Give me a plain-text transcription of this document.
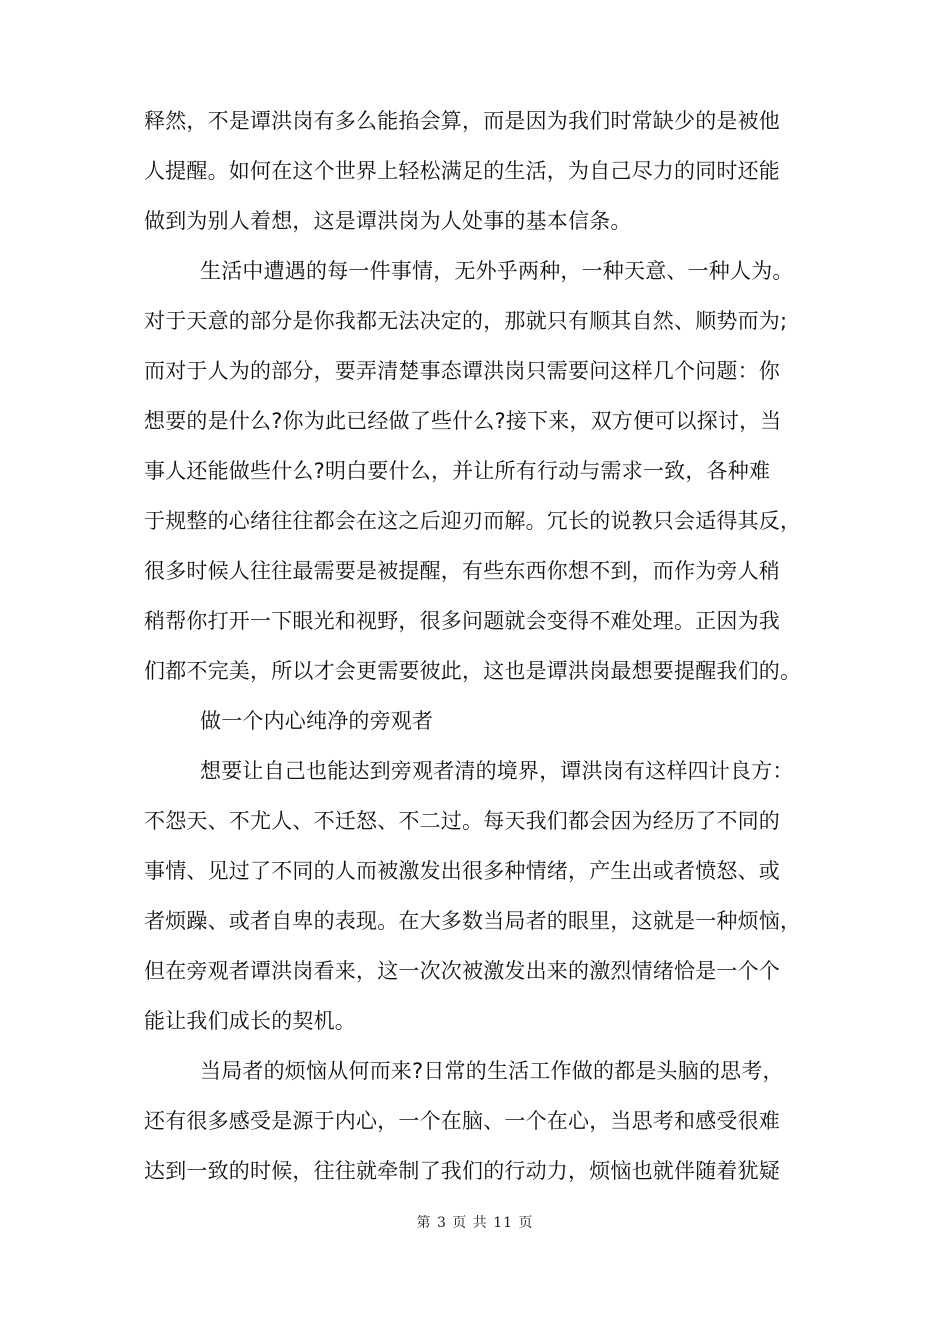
释然，不是谭洪岗有多么能掐会算，而是因为我们时常缺少的是被他
人提醒。如何在这个世界上轻松满足的生活，为自己尽力的同时还能
做到为别人着想，这是谭洪岗为人处事的基本信条。
生活中遭遇的每一件事情，无外乎两种，一种天意、一种人为。
对于天意的部分是你我都无法决定的，那就只有顺其自然、顺势而为;
而对于人为的部分，要弄清楚事态谭洪岗只需要问这样几个问题：你
想要的是什么?你为此已经做了些什么?接下来，双方便可以探讨，当
事人还能做些什么?明白要什么，并让所有行动与需求一致，各种难
于规整的心绪往往都会在这之后迎刃而解。冗长的说教只会适得其反，
很多时候人往往最需要是被提醒，有些东西你想不到，而作为旁人稍
稍帮你打开一下眼光和视野，很多问题就会变得不难处理。正因为我
们都不完美，所以才会更需要彼此，这也是谭洪岗最想要提醒我们的。
做一个内心纯净的旁观者
想要让自己也能达到旁观者清的境界，谭洪岗有这样四计良方：
不怨天、不尤人、不迁怒、不二过。每天我们都会因为经历了不同的
事情、见过了不同的人而被激发出很多种情绪，产生出或者愤怒、或
者烦躁、或者自卑的表现。在大多数当局者的眼里，这就是一种烦恼，
但在旁观者谭洪岗看来，这一次次被激发出来的激烈情绪恰是一个个
能让我们成长的契机。
当局者的烦恼从何而来?日常的生活工作做的都是头脑的思考，
还有很多感受是源于内心，一个在脑、一个在心，当思考和感受很难
达到一致的时候，往往就牵制了我们的行动力，烦恼也就伴随着犹疑
第 3 页 共 11 页
